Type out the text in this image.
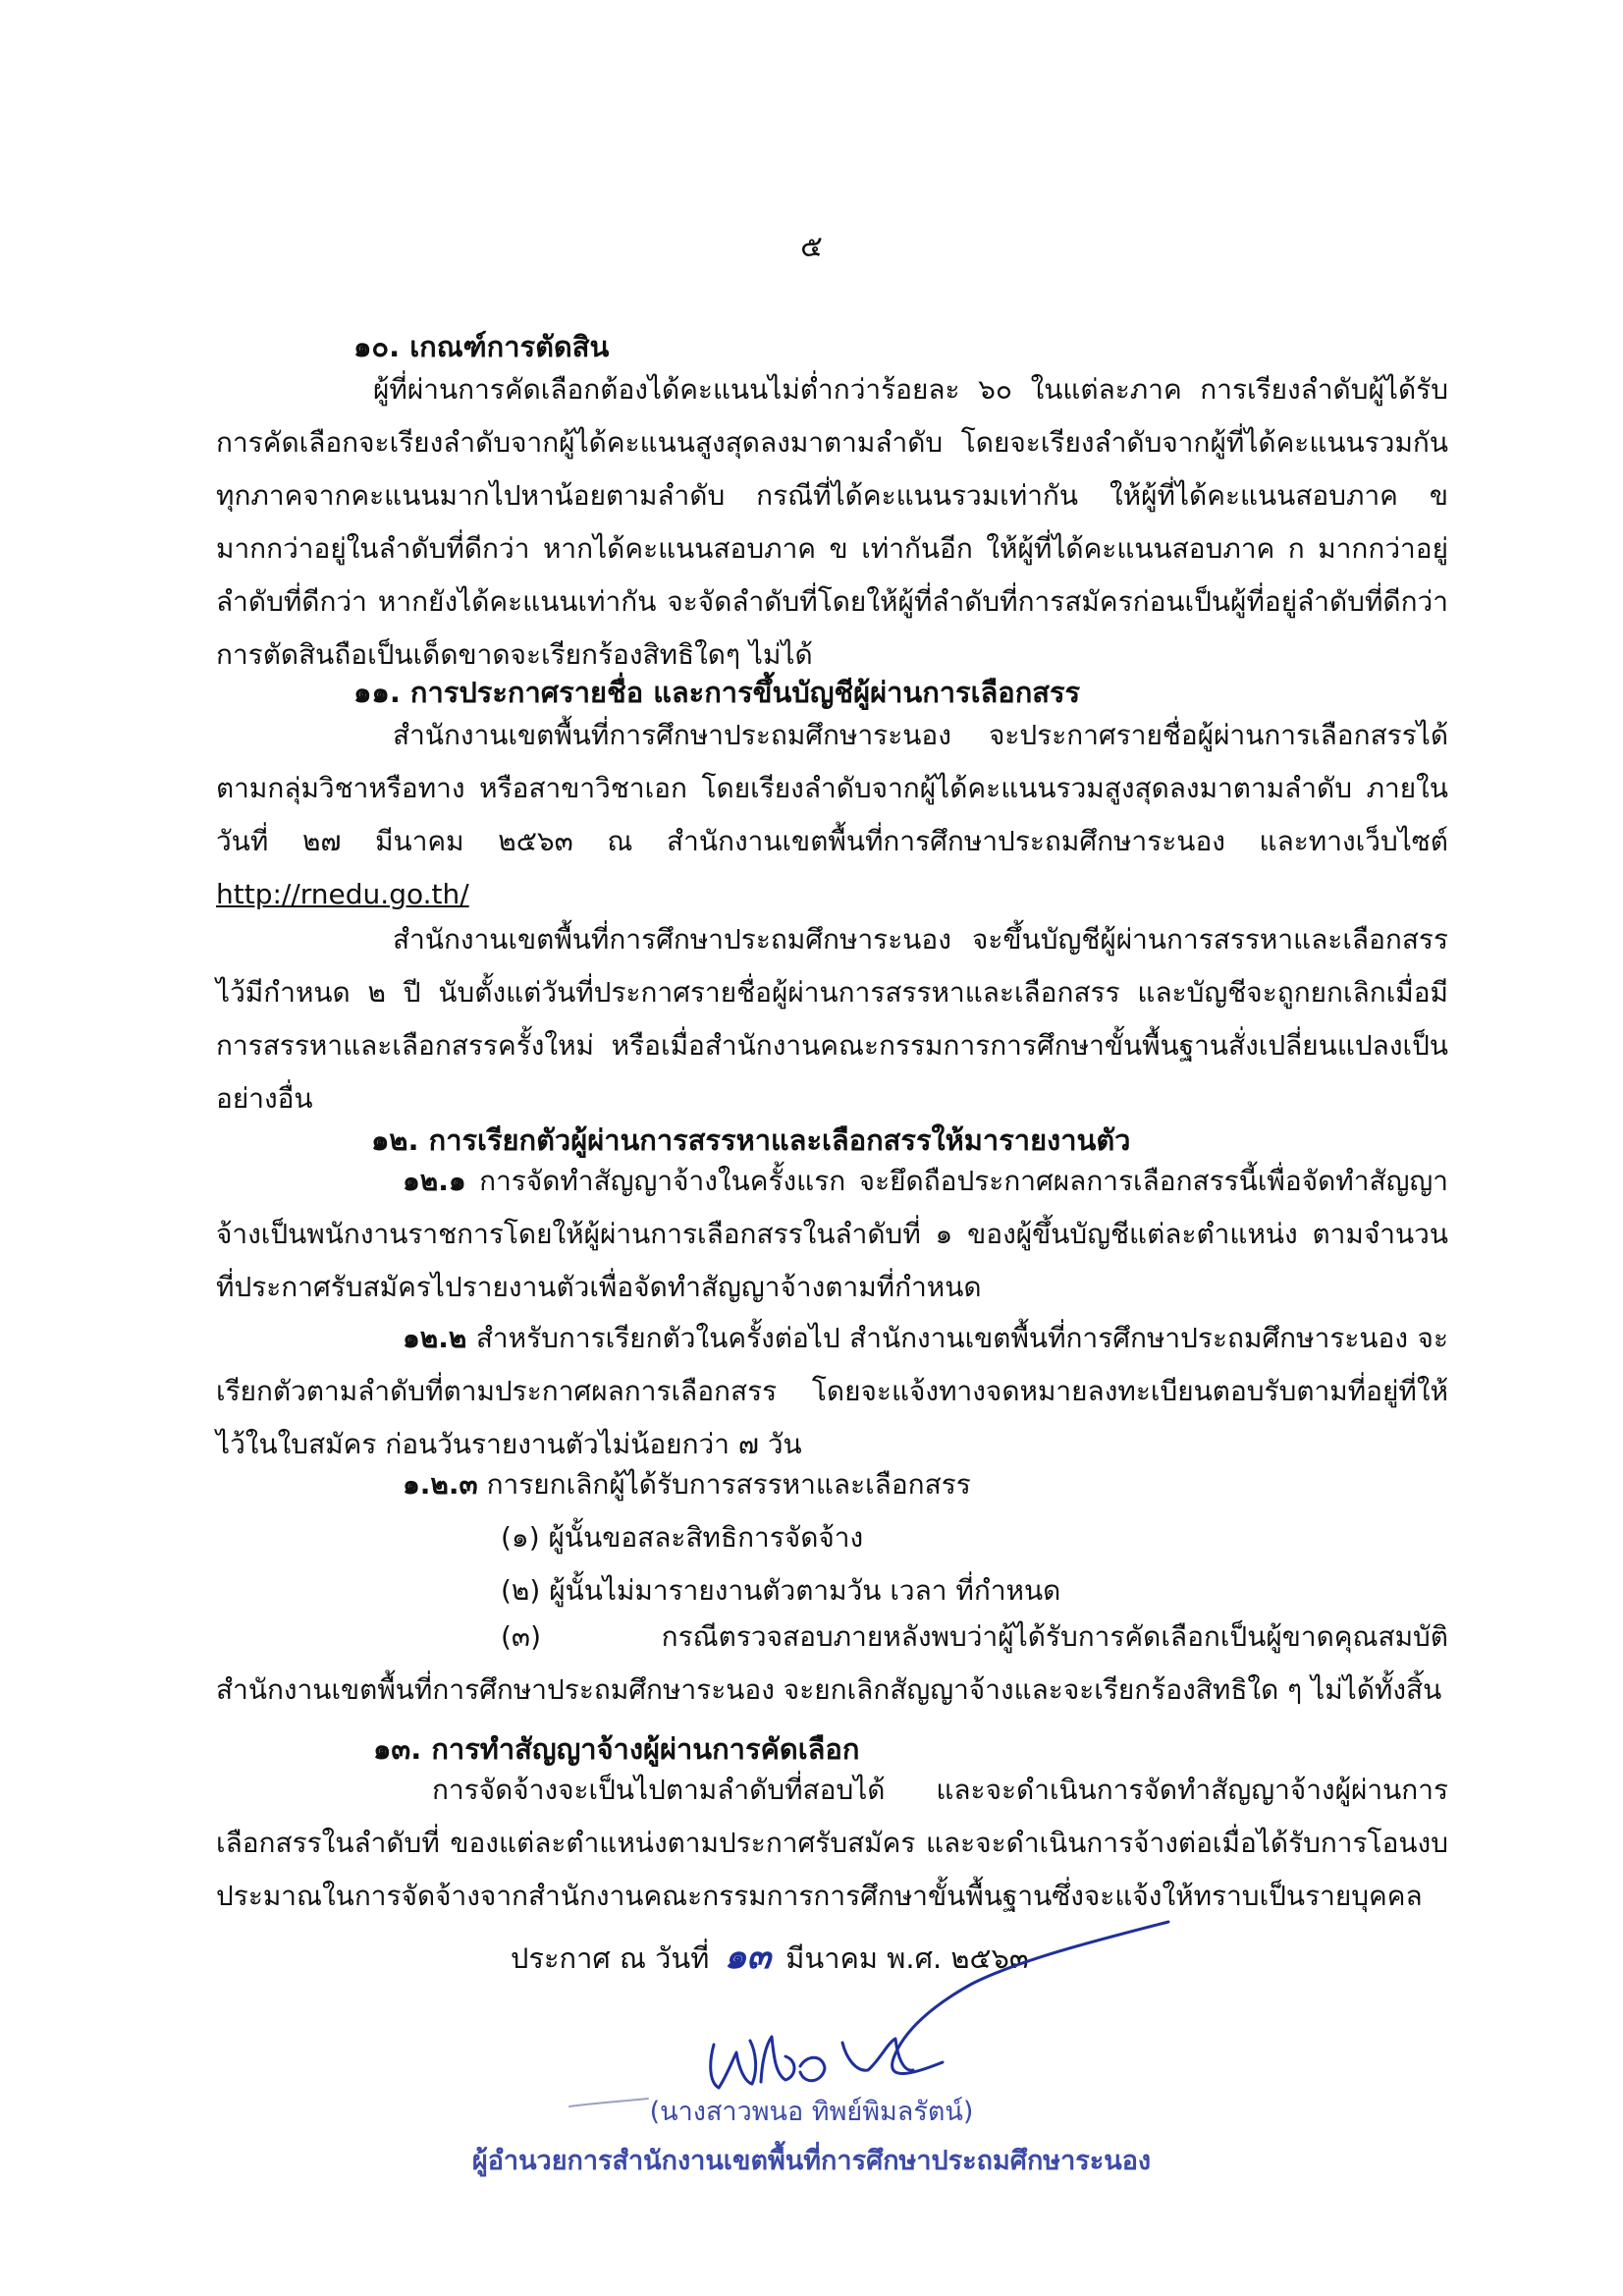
๕
๑๐. เกณฑ์การตัดสิน
ผู้ที่ผ่านการคัดเลือกต้องได้คะแนนไม่ต่ำกว่าร้อยละ ๖๐ ในแต่ละภาค การเรียงลำดับผู้ได้รับการคัดเลือกจะเรียงลำดับจากผู้ได้คะแนนสูงสุดลงมาตามลำดับ โดยจะเรียงลำดับจากผู้ที่ได้คะแนนรวมกันทุกภาคจากคะแนนมากไปหาน้อยตามลำดับ กรณีที่ได้คะแนนรวมเท่ากัน ให้ผู้ที่ได้คะแนนสอบภาค ข มากกว่าอยู่ในลำดับที่ดีกว่า หากได้คะแนนสอบภาค ข เท่ากันอีก ให้ผู้ที่ได้คะแนนสอบภาค ก มากกว่าอยู่ลำดับที่ดีกว่า หากยังได้คะแนนเท่ากัน จะจัดลำดับที่โดยให้ผู้ที่ลำดับที่การสมัครก่อนเป็นผู้ที่อยู่ลำดับที่ดีกว่า การตัดสินถือเป็นเด็ดขาดจะเรียกร้องสิทธิใดๆ ไม่ได้
๑๑. การประกาศรายชื่อ และการขึ้นบัญชีผู้ผ่านการเลือกสรร
สำนักงานเขตพื้นที่การศึกษาประถมศึกษาระนอง จะประกาศรายชื่อผู้ผ่านการเลือกสรรได้ตามกลุ่มวิชาหรือทาง หรือสาขาวิชาเอก โดยเรียงลำดับจากผู้ได้คะแนนรวมสูงสุดลงมาตามลำดับ ภายในวันที่ ๒๗ มีนาคม ๒๕๖๓ ณ สำนักงานเขตพื้นที่การศึกษาประถมศึกษาระนอง และทางเว็บไซต์ http://rnedu.go.th/
สำนักงานเขตพื้นที่การศึกษาประถมศึกษาระนอง จะขึ้นบัญชีผู้ผ่านการสรรหาและเลือกสรรไว้มีกำหนด ๒ ปี นับตั้งแต่วันที่ประกาศรายชื่อผู้ผ่านการสรรหาและเลือกสรร และบัญชีจะถูกยกเลิกเมื่อมีการสรรหาและเลือกสรรครั้งใหม่ หรือเมื่อสำนักงานคณะกรรมการการศึกษาขั้นพื้นฐานสั่งเปลี่ยนแปลงเป็นอย่างอื่น
๑๒. การเรียกตัวผู้ผ่านการสรรหาและเลือกสรรให้มารายงานตัว
๑๒.๑ การจัดทำสัญญาจ้างในครั้งแรก จะยึดถือประกาศผลการเลือกสรรนี้เพื่อจัดทำสัญญาจ้างเป็นพนักงานราชการโดยให้ผู้ผ่านการเลือกสรรในลำดับที่ ๑ ของผู้ขึ้นบัญชีแต่ละตำแหน่ง ตามจำนวนที่ประกาศรับสมัครไปรายงานตัวเพื่อจัดทำสัญญาจ้างตามที่กำหนด
๑๒.๒ สำหรับการเรียกตัวในครั้งต่อไป สำนักงานเขตพื้นที่การศึกษาประถมศึกษาระนอง จะเรียกตัวตามลำดับที่ตามประกาศผลการเลือกสรร โดยจะแจ้งทางจดหมายลงทะเบียนตอบรับตามที่อยู่ที่ให้ไว้ในใบสมัคร ก่อนวันรายงานตัวไม่น้อยกว่า ๗ วัน
๑.๒.๓ การยกเลิกผู้ได้รับการสรรหาและเลือกสรร
(๑) ผู้นั้นขอสละสิทธิการจัดจ้าง
(๒) ผู้นั้นไม่มารายงานตัวตามวัน เวลา ที่กำหนด
(๓) กรณีตรวจสอบภายหลังพบว่าผู้ได้รับการคัดเลือกเป็นผู้ขาดคุณสมบัติ สำนักงานเขตพื้นที่การศึกษาประถมศึกษาระนอง จะยกเลิกสัญญาจ้างและจะเรียกร้องสิทธิใด ๆ ไม่ได้ทั้งสิ้น
๑๓. การทำสัญญาจ้างผู้ผ่านการคัดเลือก
การจัดจ้างจะเป็นไปตามลำดับที่สอบได้ และจะดำเนินการจัดทำสัญญาจ้างผู้ผ่านการเลือกสรรในลำดับที่ ของแต่ละตำแหน่งตามประกาศรับสมัคร และจะดำเนินการจ้างต่อเมื่อได้รับการโอนงบประมาณในการจัดจ้างจากสำนักงานคณะกรรมการการศึกษาขั้นพื้นฐานซึ่งจะแจ้งให้ทราบเป็นรายบุคคล
ประกาศ ณ วันที่ ๑๓ มีนาคม พ.ศ. ๒๕๖๓
(นางสาวพนอ ทิพย์พิมลรัตน์)
ผู้อำนวยการสำนักงานเขตพื้นที่การศึกษาประถมศึกษาระนอง
